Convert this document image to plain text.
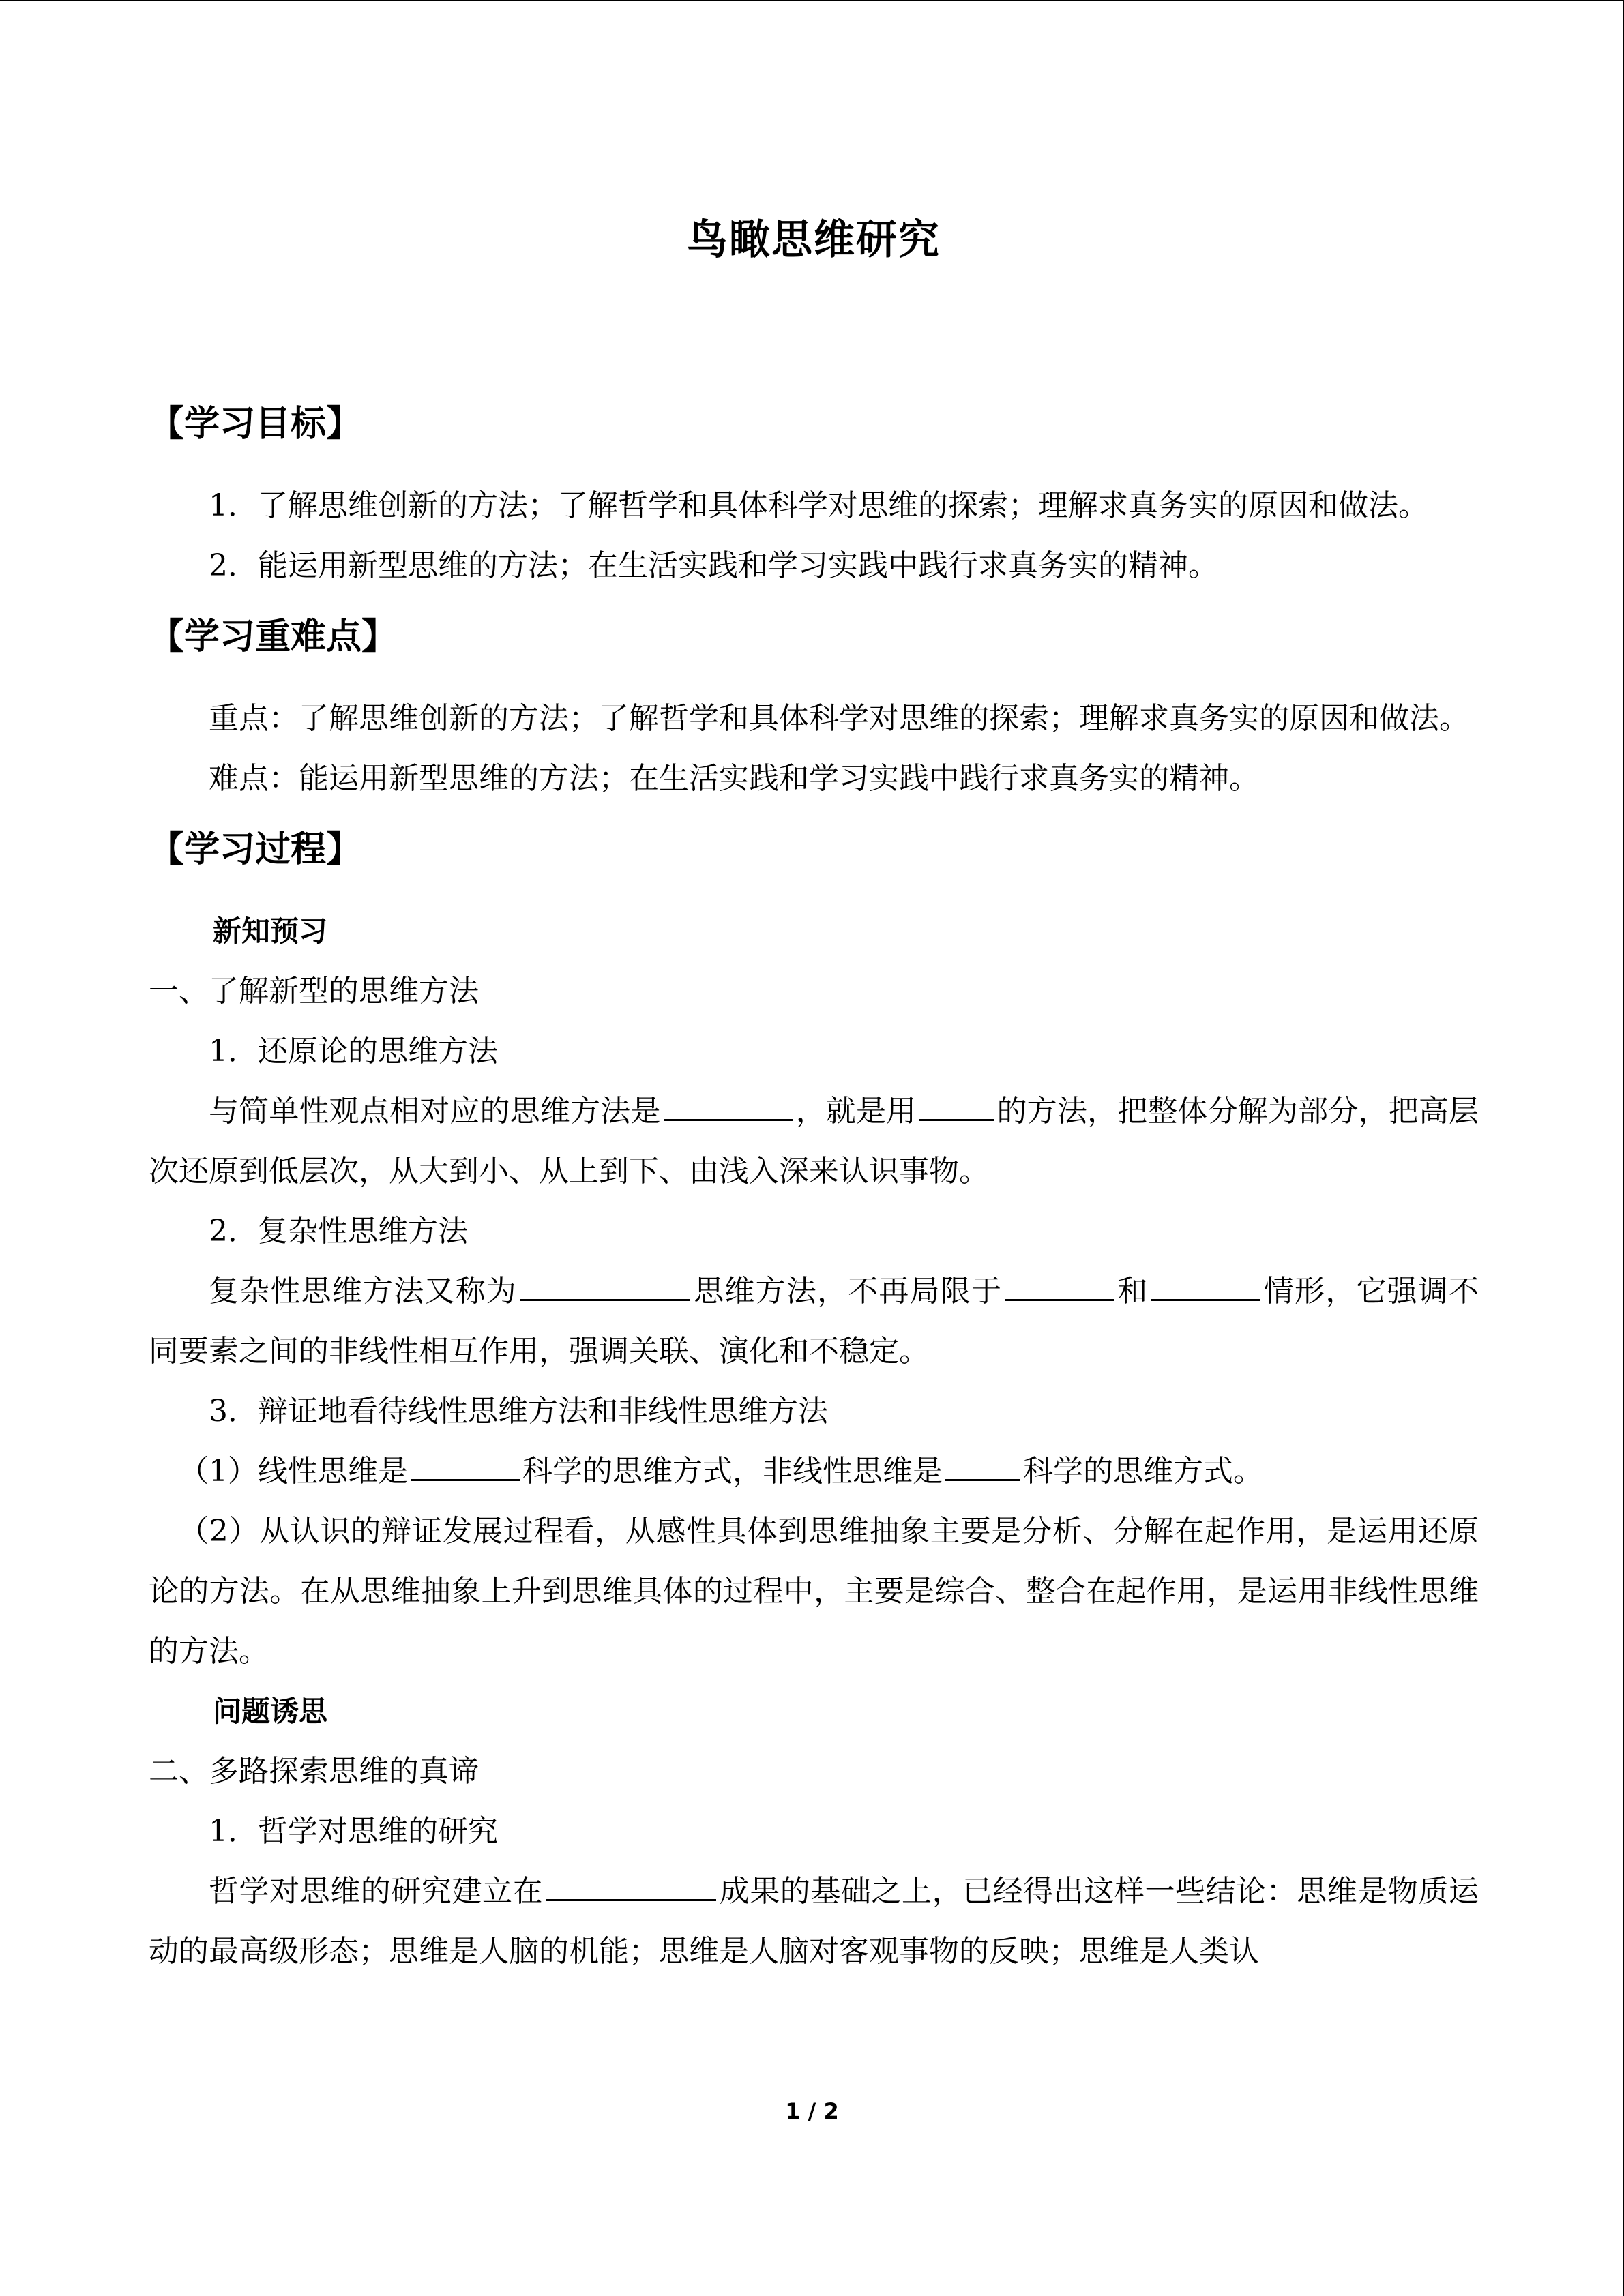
鸟瞰思维研究
【学习目标】

1．了解思维创新的方法；了解哲学和具体科学对思维的探索；理解求真务实的原因和做法。

2．能运用新型思维的方法；在生活实践和学习实践中践行求真务实的精神。

【学习重难点】

重点：了解思维创新的方法；了解哲学和具体科学对思维的探索；理解求真务实的原因和做法。

难点：能运用新型思维的方法；在生活实践和学习实践中践行求真务实的精神。

【学习过程】
新知预习

一、了解新型的思维方法

1．还原论的思维方法

与简单性观点相对应的思维方法是	，就是用	的方法，把整体分解为部分，把高层次还原到低层次，从大到小、从上到下、由浅入深来认识事物。

2．复杂性思维方法

复杂性思维方法又称为	思维方法，不再局限于	和	情形，它强调不同要素之间的非线性相互作用，强调关联、演化和不稳定。

3．辩证地看待线性思维方法和非线性思维方法

（1）线性思维是	科学的思维方式，非线性思维是	科学的思维方式。

（2）从认识的辩证发展过程看，从感性具体到思维抽象主要是分析、分解在起作用，是运用还原论的方法。在从思维抽象上升到思维具体的过程中，主要是综合、整合在起作用，是运用非线性思维的方法。

问题诱思

二、多路探索思维的真谛

1．哲学对思维的研究

哲学对思维的研究建立在	成果的基础之上，已经得出这样一些结论：思维是物质运动的最高级形态；思维是人脑的机能；思维是人脑对客观事物的反映；思维是人类认

1 / 2
